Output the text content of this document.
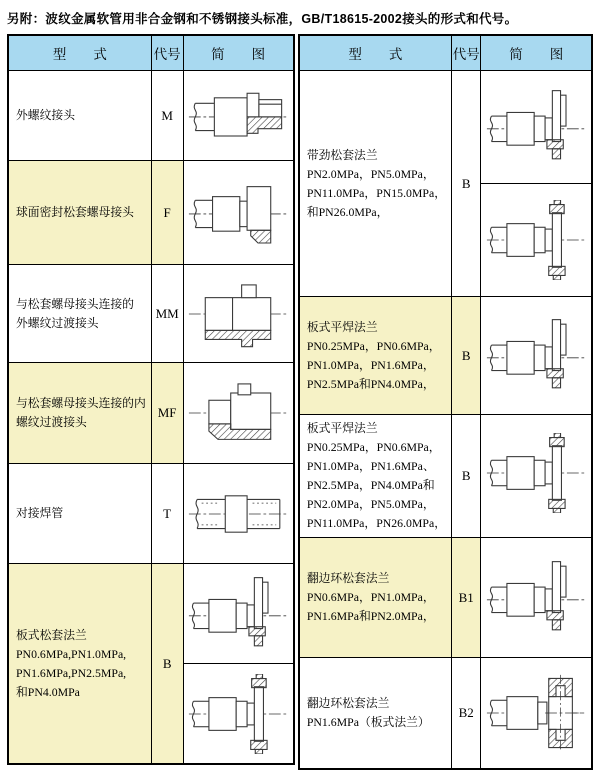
另附：波纹金属软管用非合金钢和不锈钢接头标准，GB/T18615-2002接头的形式和代号。
型　　式	代号	简　　图

外螺纹接头	M	

球面密封松套螺母接头	F	

与松套螺母接头连接的
外螺纹过渡接头	MM	

与松套螺母接头连接的内
螺纹过渡接头	MF	

对接焊管	T	

板式松套法兰
PN0.6MPa,PN1.0MPa,
PN1.6MPa,PN2.5MPa,
和PN4.0MPa	B	
型　　式	代号	简　　图

带劲松套法兰
PN2.0MPa，PN5.0MPa，
PN11.0MPa，PN15.0MPa，
和PN26.0MPa，	B	

板式平焊法兰
PN0.25MPa，PN0.6MPa，
PN1.0MPa，PN1.6MPa，
PN2.5MPa和PN4.0MPa，	B	

板式平焊法兰
PN0.25MPa，PN0.6MPa，
PN1.0MPa，PN1.6MPa、
PN2.5MPa，PN4.0MPa和
PN2.0MPa，PN5.0MPa，
PN11.0MPa，PN26.0MPa，
	B	

翻边环松套法兰
PN0.6MPa，PN1.0MPa，
PN1.6MPa和PN2.0MPa，	B1	

翻边环松套法兰
PN1.6MPa（板式法兰）	B2	
